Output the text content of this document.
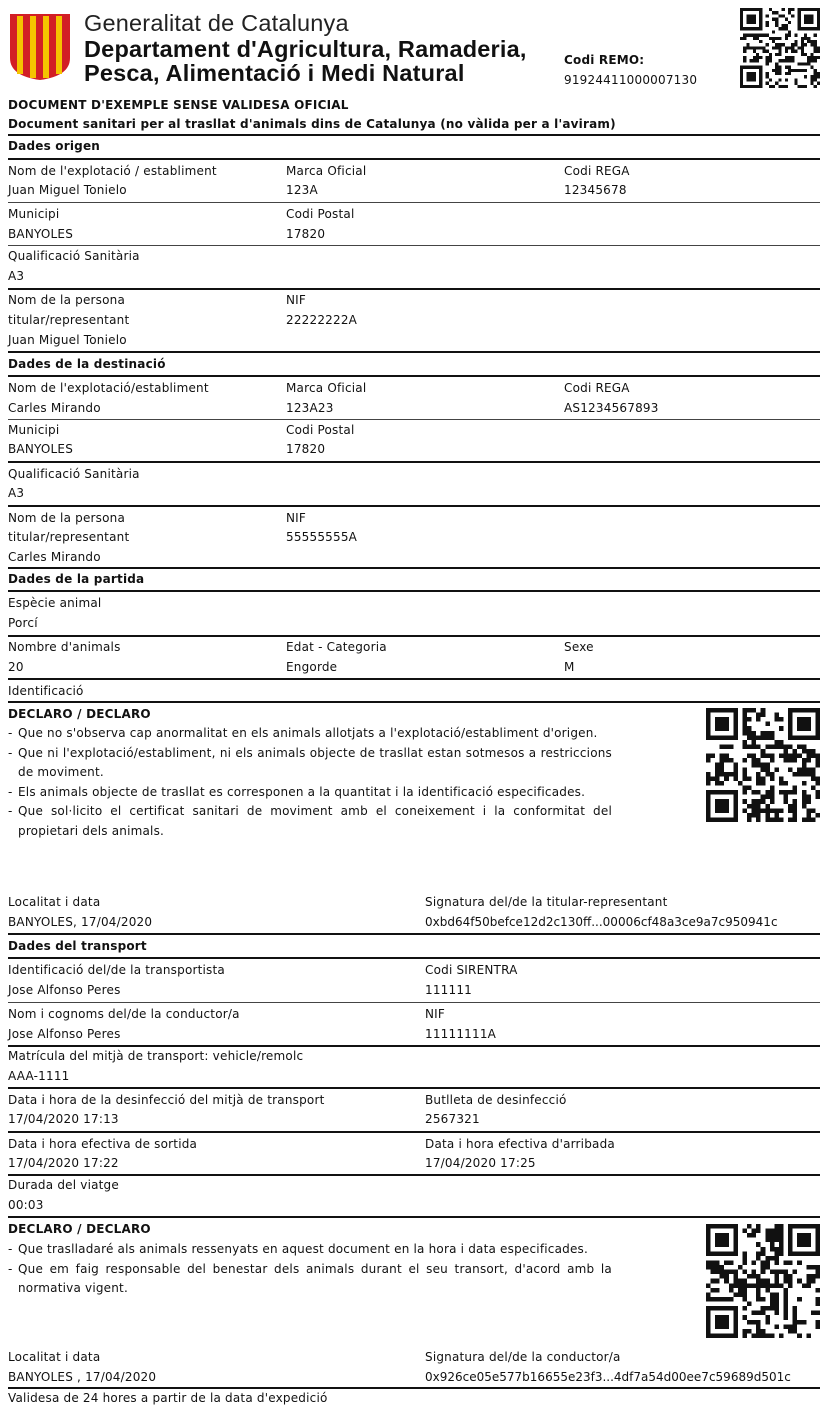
Generalitat de Catalunya
Departament d'Agricultura, Ramaderia,
Pesca, Alimentació i Medi Natural	Codi REMO:
91924411000007130
DOCUMENT D'EXEMPLE SENSE VALIDESA OFICIAL
Document sanitari per al trasllat d'animals dins de Catalunya (no vàlida per a l'aviram)
Dades origen
Nom de l'explotació / establiment
Juan Miguel Tonielo
Marca Oficial
123A
Codi REGA
12345678
Municipi
BANYOLES
Codi Postal
17820
Qualificació Sanitària
A3
Nom de la persona
titular/representant
Juan Miguel Tonielo
NIF
22222222A
Dades de la destinació
Nom de l'explotació/establiment
Carles Mirando
Marca Oficial
123A23
Codi REGA
AS1234567893
Municipi
BANYOLES
Codi Postal
17820
Qualificació Sanitària
A3
Nom de la persona
titular/representant
Carles Mirando
NIF
55555555A
Dades de la partida
Espècie animal
Porcí
Nombre d'animals
20
Edat - Categoria
Engorde
Sexe
M
Identificació
DECLARO / DECLARO
- Que no s'observa cap anormalitat en els animals allotjats a l'explotació/establiment d'origen.
- Que ni l'explotació/establiment, ni els animals objecte de trasllat estan sotmesos a restriccions de moviment.
- Els animals objecte de trasllat es corresponen a la quantitat i la identificació especificades.
- Que sol·licito el certificat sanitari de moviment amb el coneixement i la conformitat del propietari dels animals.
Localitat i data
BANYOLES, 17/04/2020
Signatura del/de la titular-representant
0xbd64f50befce12d2c130ff...00006cf48a3ce9a7c950941c
Dades del transport
Identificació del/de la transportista
Jose Alfonso Peres
Codi SIRENTRA
111111
Nom i cognoms del/de la conductor/a
Jose Alfonso Peres
NIF
11111111A
Matrícula del mitjà de transport: vehicle/remolc
AAA-1111
Data i hora de la desinfecció del mitjà de transport
17/04/2020 17:13
Butlleta de desinfecció
2567321
Data i hora efectiva de sortida
17/04/2020 17:22
Data i hora efectiva d'arribada
17/04/2020 17:25
Durada del viatge
00:03
DECLARO / DECLARO
- Que traslladaré als animals ressenyats en aquest document en la hora i data especificades.
- Que em faig responsable del benestar dels animals durant el seu transort, d'acord amb la normativa vigent.
Localitat i data
BANYOLES , 17/04/2020
Signatura del/de la conductor/a
0x926ce05e577b16655e23f3...4df7a54d00ee7c59689d501c
Validesa de 24 hores a partir de la data d'expedició
